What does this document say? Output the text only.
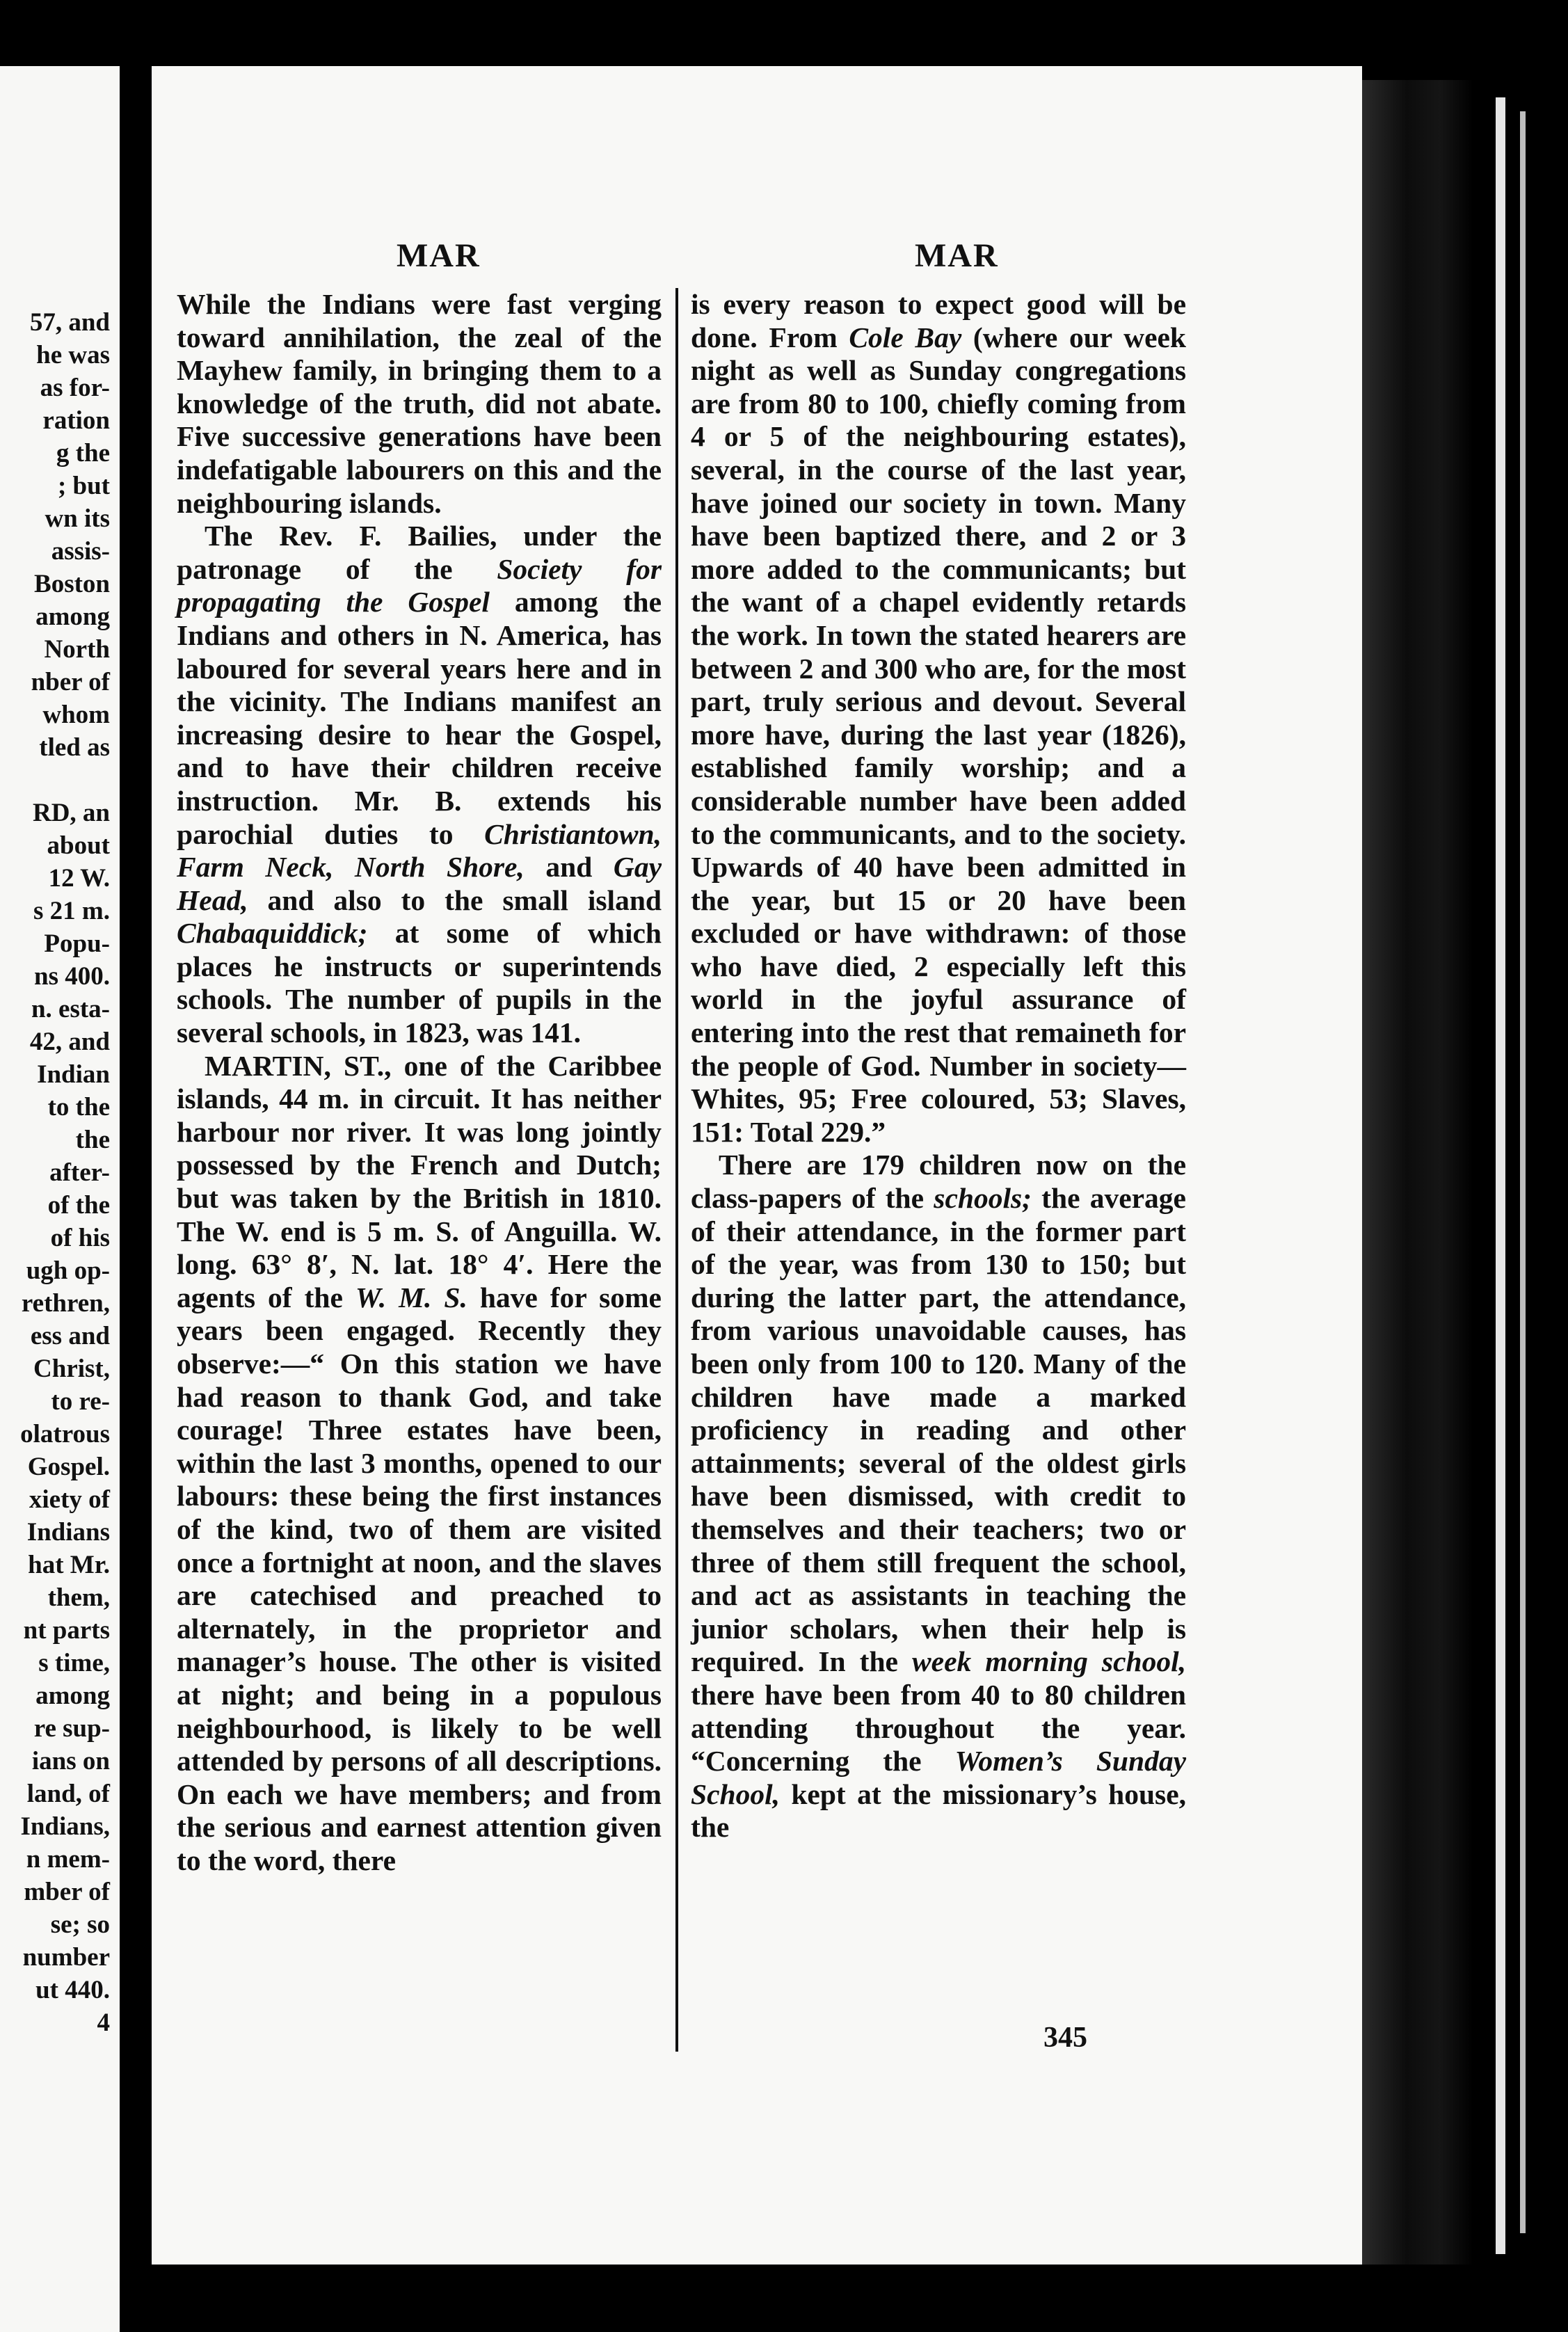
57, and
he was
as for-
ration
g the
; but
wn its
assis-
Boston
among
North
nber of
whom
tled as
RD, an
about
12 W.
s 21 m.
Popu-
ns 400.
n. esta-
42, and
Indian
to the
the
after-
of the
of his
ugh op-
rethren,
ess and
Christ,
to re-
olatrous
Gospel.
xiety of
Indians
hat Mr.
them,
nt parts
s time,
among
re sup-
ians on
land, of
Indians,
n mem-
mber of
se; so
number
ut 440.
4
MAR	MAR

While the Indians were fast verging toward annihilation, the zeal of the Mayhew family, in bringing them to a knowledge of the truth, did not abate. Five successive generations have been indefatigable labourers on this and the neighbouring islands.

The Rev. F. Bailies, under the patronage of the Society for propagating the Gospel among the Indians and others in N. America, has laboured for several years here and in the vicinity. The Indians manifest an increasing desire to hear the Gospel, and to have their children receive instruction. Mr. B. extends his parochial duties to Christiantown, Farm Neck, North Shore, and Gay Head, and also to the small island Chabaquiddick; at some of which places he instructs or superintends schools. The number of pupils in the several schools, in 1823, was 141.

MARTIN, ST., one of the Caribbee islands, 44 m. in circuit. It has neither harbour nor river. It was long jointly possessed by the French and Dutch; but was taken by the British in 1810. The W. end is 5 m. S. of Anguilla. W. long. 63° 8′, N. lat. 18° 4′. Here the agents of the W. M. S. have for some years been engaged. Recently they observe:—“ On this station we have had reason to thank God, and take courage! Three estates have been, within the last 3 months, opened to our labours: these being the first instances of the kind, two of them are visited once a fortnight at noon, and the slaves are catechised and preached to alternately, in the proprietor and manager’s house. The other is visited at night; and being in a populous neighbourhood, is likely to be well attended by persons of all descriptions. On each we have members; and from the serious and earnest attention given to the word, there

is every reason to expect good will be done. From Cole Bay (where our week night as well as Sunday congregations are from 80 to 100, chiefly coming from 4 or 5 of the neighbouring estates), several, in the course of the last year, have joined our society in town. Many have been baptized there, and 2 or 3 more added to the communicants; but the want of a chapel evidently retards the work. In town the stated hearers are between 2 and 300 who are, for the most part, truly serious and devout. Several more have, during the last year (1826), established family worship; and a considerable number have been added to the communicants, and to the society. Upwards of 40 have been admitted in the year, but 15 or 20 have been excluded or have withdrawn: of those who have died, 2 especially left this world in the joyful assurance of entering into the rest that remaineth for the people of God. Number in society—Whites, 95; Free coloured, 53; Slaves, 151: Total 229.”

There are 179 children now on the class-papers of the schools; the average of their attendance, in the former part of the year, was from 130 to 150; but during the latter part, the attendance, from various unavoidable causes, has been only from 100 to 120. Many of the children have made a marked proficiency in reading and other attainments; several of the oldest girls have been dismissed, with credit to themselves and their teachers; two or three of them still frequent the school, and act as assistants in teaching the junior scholars, when their help is required. In the week morning school, there have been from 40 to 80 children attending throughout the year. “Concerning the Women’s Sunday School, kept at the missionary’s house, the

345
